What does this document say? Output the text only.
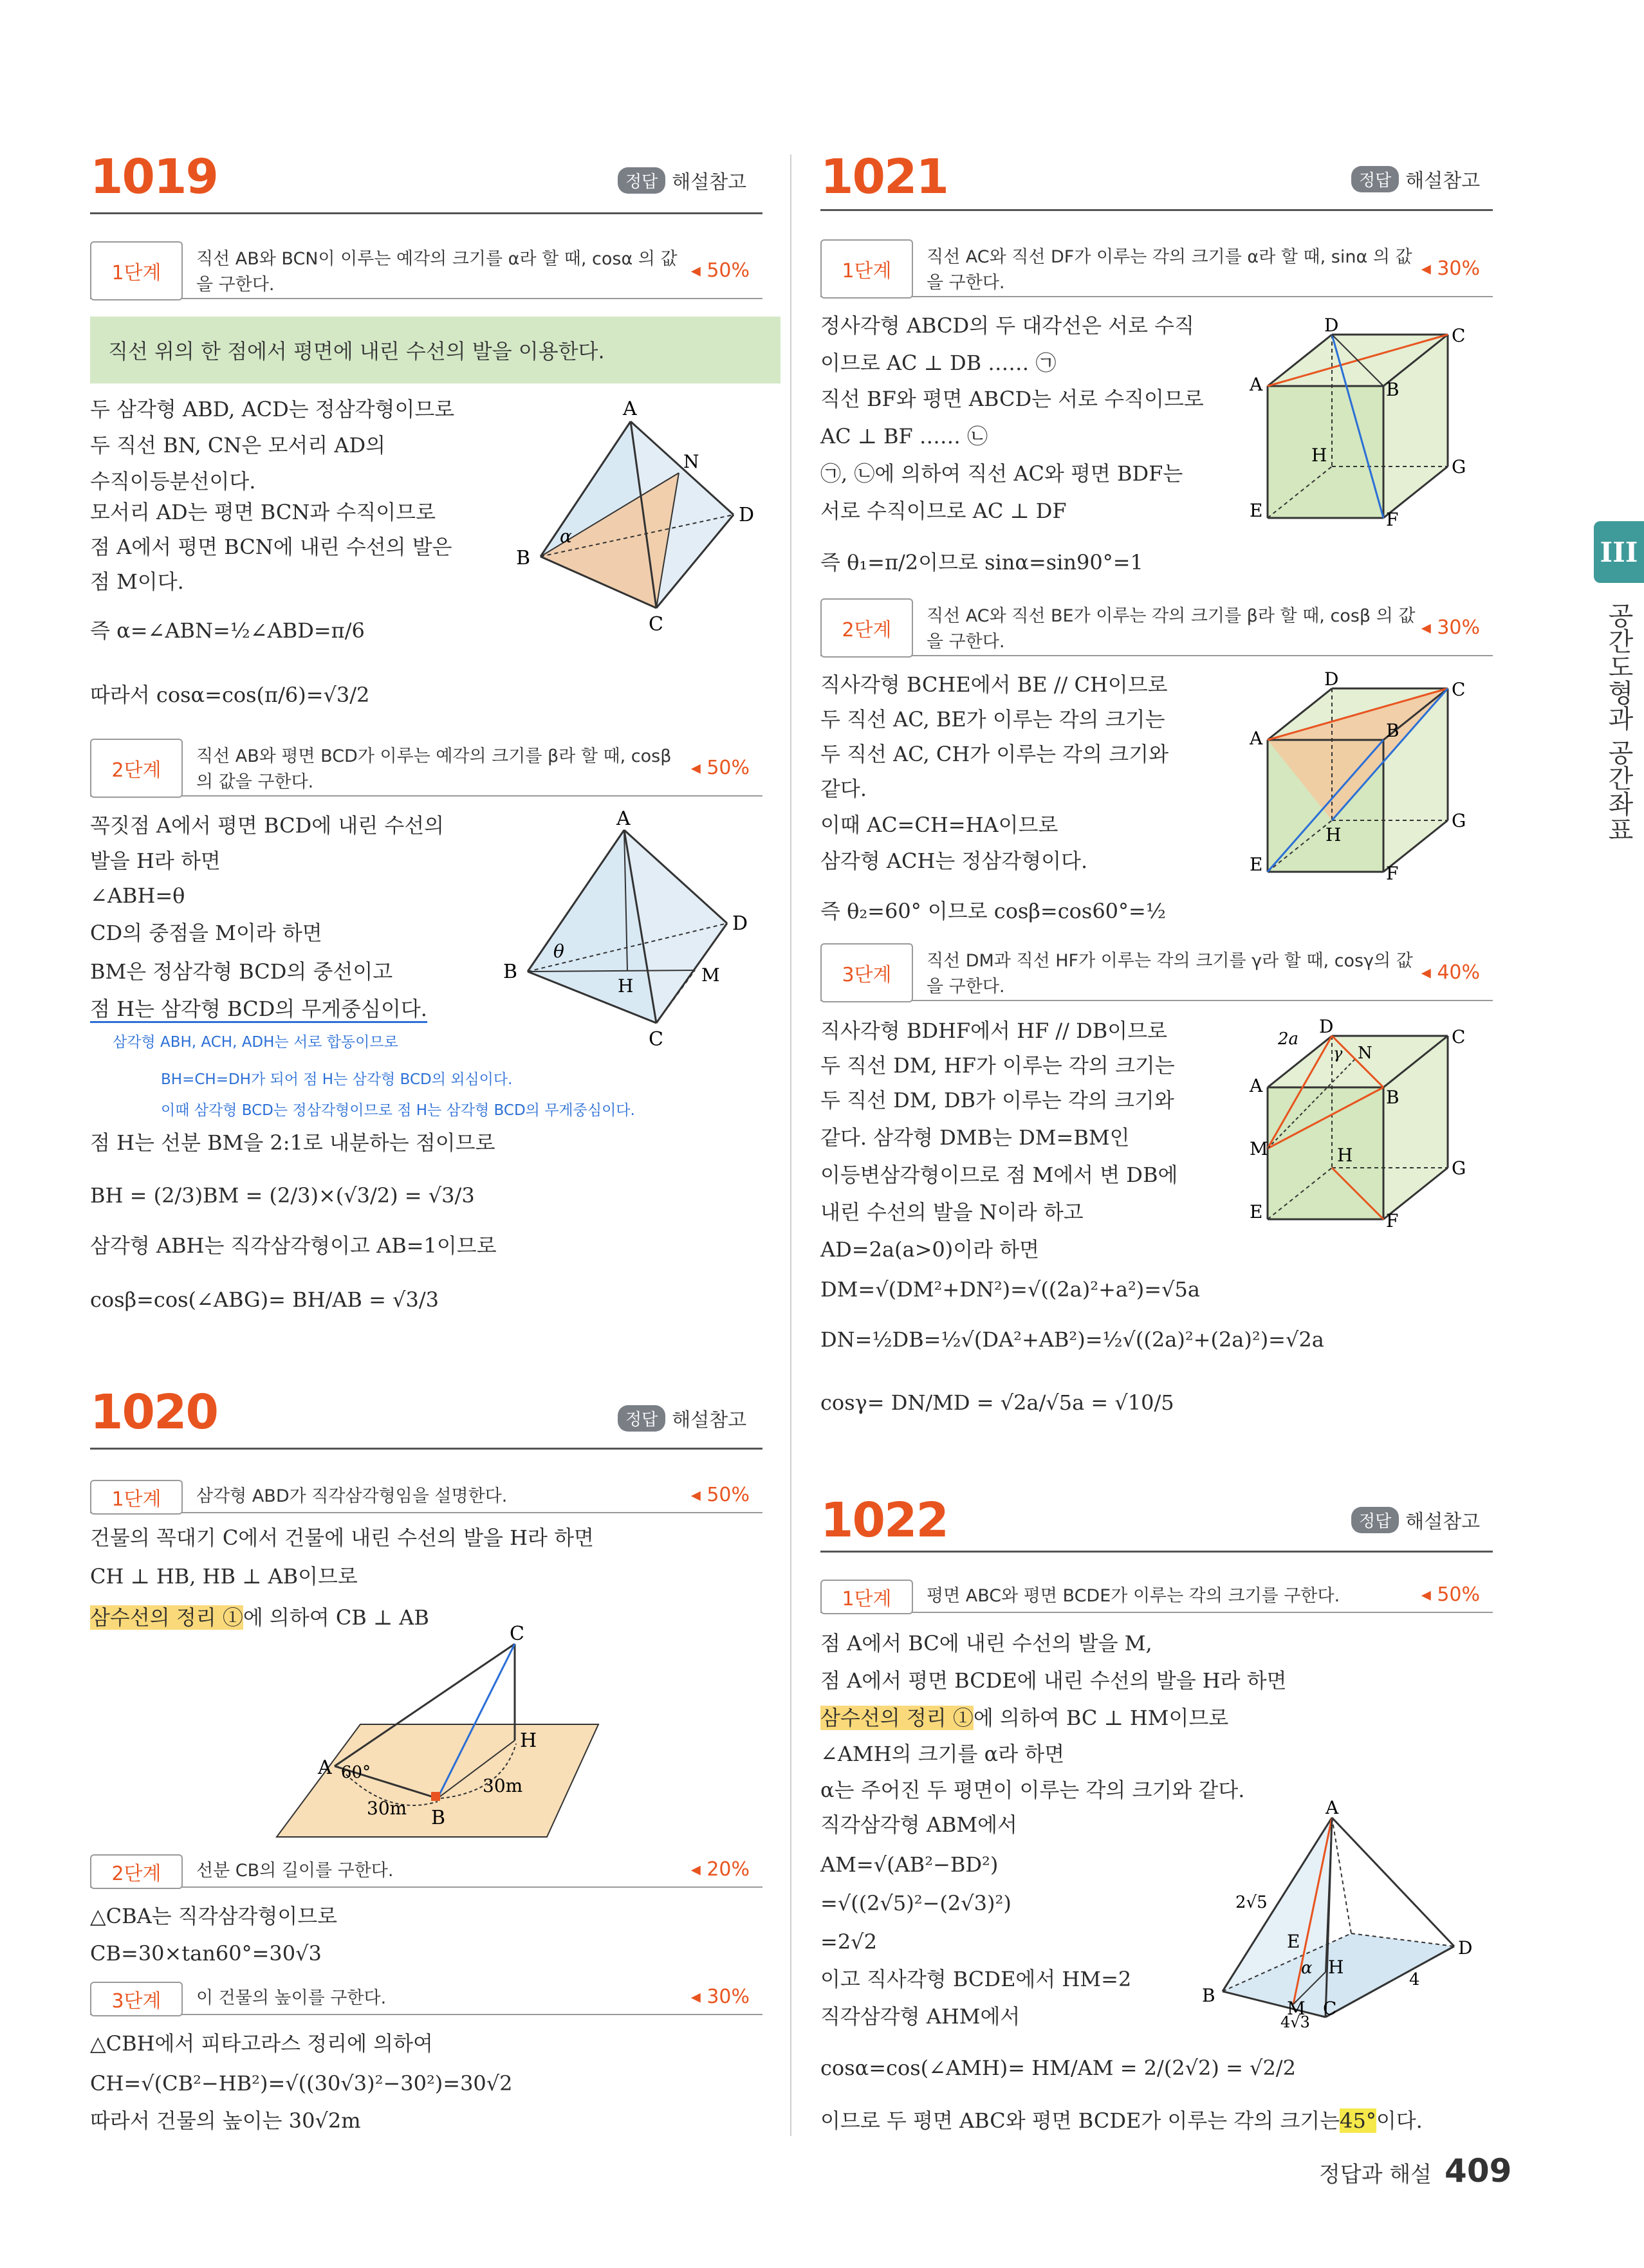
1019	정답 해설참고
1단계
직선 AB와 BCN이 이루는 예각의 크기를 α라 할 때, cosα 의 값을 구한다.
◂ 50%
직선 위의 한 점에서 평면에 내린 수선의 발을 이용한다.
두 삼각형 ABD, ACD는 정삼각형이므로
두 직선 BN, CN은 모서리 AD의
수직이등분선이다.
모서리 AD는 평면 BCN과 수직이므로
점 A에서 평면 BCN에 내린 수선의 발은
점 M이다.
즉 α=∠ABN=½∠ABD=π/6
따라서 cosα=cos(π/6)=√3/2
A
B
C
D
N
α
2단계
직선 AB와 평면 BCD가 이루는 예각의 크기를 β라 할 때, cosβ의 값을 구한다.
◂ 50%
꼭짓점 A에서 평면 BCD에 내린 수선의
발을 H라 하면
∠ABH=θ
CD의 중점을 M이라 하면
BM은 정삼각형 BCD의 중선이고
점 H는 삼각형 BCD의 무게중심이다.
삼각형 ABH, ACH, ADH는 서로 합동이므로
BH=CH=DH가 되어 점 H는 삼각형 BCD의 외심이다.
이때 삼각형 BCD는 정삼각형이므로 점 H는 삼각형 BCD의 무게중심이다.
점 H는 선분 BM을 2:1로 내분하는 점이므로
BH = (2/3)BM = (2/3)×(√3/2) = √3/3
삼각형 ABH는 직각삼각형이고 AB=1이므로
cosβ=cos(∠ABG)= BH/AB = √3/3
A
B
C
D
H
M
θ
1020	정답 해설참고
1단계	삼각형 ABD가 직각삼각형임을 설명한다.	◂ 50%
건물의 꼭대기 C에서 건물에 내린 수선의 발을 H라 하면
CH ⊥ HB, HB ⊥ AB이므로
삼수선의 정리 ①에 의하여 CB ⊥ AB
C
A
B
H
60°
30m
30m
2단계	선분 CB의 길이를 구한다.	◂ 20%
△CBA는 직각삼각형이므로
CB=30×tan60°=30√3
3단계	이 건물의 높이를 구한다.	◂ 30%
△CBH에서 피타고라스 정리에 의하여
CH=√(CB²−HB²)=√((30√3)²−30²)=30√2
따라서 건물의 높이는 30√2m
1021	정답 해설참고
1단계
직선 AC와 직선 DF가 이루는 각의 크기를 α라 할 때, sinα 의 값을 구한다.
◂ 30%
정사각형 ABCD의 두 대각선은 서로 수직
이므로 AC ⊥ DB …… ㉠
직선 BF와 평면 ABCD는 서로 수직이므로
AC ⊥ BF …… ㉡
㉠, ㉡에 의하여 직선 AC와 평면 BDF는
서로 수직이므로 AC ⊥ DF
즉 θ₁=π/2이므로 sinα=sin90°=1
D	C
A	B
H
G
E	F
2단계
직선 AC와 직선 BE가 이루는 각의 크기를 β라 할 때, cosβ 의 값을 구한다.
◂ 30%
직사각형 BCHE에서 BE // CH이므로
두 직선 AC, BE가 이루는 각의 크기는
두 직선 AC, CH가 이루는 각의 크기와
같다.
이때 AC=CH=HA이므로
삼각형 ACH는 정삼각형이다.
즉 θ₂=60° 이므로 cosβ=cos60°=½
D	C
A	B
H
G
E	F
3단계
직선 DM과 직선 HF가 이루는 각의 크기를 γ라 할 때, cosγ의 값을 구한다.
◂ 40%
직사각형 BDHF에서 HF // DB이므로
두 직선 DM, HF가 이루는 각의 크기는
두 직선 DM, DB가 이루는 각의 크기와
같다. 삼각형 DMB는 DM=BM인
이등변삼각형이므로 점 M에서 변 DB에
내린 수선의 발을 N이라 하고
AD=2a(a>0)이라 하면
DM=√(DM²+DN²)=√((2a)²+a²)=√5a
DN=½DB=½√(DA²+AB²)=½√((2a)²+(2a)²)=√2a
cosγ= DN/MD = √2a/√5a = √10/5
D	C
A
B
M
N
H
G
E	F
2a
γ
1022	정답 해설참고
1단계	평면 ABC와 평면 BCDE가 이루는 각의 크기를 구한다.	◂ 50%
점 A에서 BC에 내린 수선의 발을 M,
점 A에서 평면 BCDE에 내린 수선의 발을 H라 하면
삼수선의 정리 ①에 의하여 BC ⊥ HM이므로
∠AMH의 크기를 α라 하면
α는 주어진 두 평면이 이루는 각의 크기와 같다.
직각삼각형 ABM에서
AM=√(AB²−BD²)
=√((2√5)²−(2√3)²)
=2√2
이고 직사각형 BCDE에서 HM=2
직각삼각형 AHM에서
cosα=cos(∠AMH)= HM/AM = 2/(2√2) = √2/2
이므로 두 평면 ABC와 평면 BCDE가 이루는 각의 크기는45°이다.
A
B
C
D
E
H
M
2√5
4√3
4
α
III
공간도형과 공간좌표
정답과 해설 409
